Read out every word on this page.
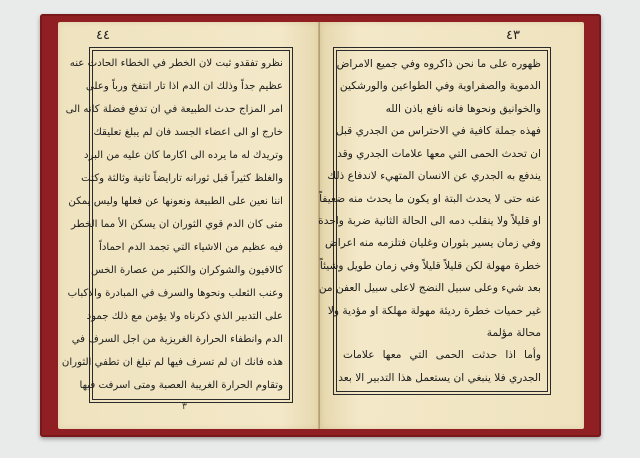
٤٤
نظرو تفقدو ثبت لان الخطر في الخطاء الحادث عنه
عظيم جداً وذلك ان الدم اذا تار انتفخ ورباً وعلى
امر المزاج حدث الطبيعة في ان تدفع فضلة كانه الى
خارج او الى اعضاء الجسد فان لم يبلغ تعليقك
وتريدك له ما يرده الى اكارما كان عليه من البرد
والغلظ كثيراً قبل ثورانه تارايضاً ثانية وثالثة وكثت
اننا نعين على الطبيعة ونعونها عن فعلها وليس يمكن
متى كان الدم قوي الثوران ان يسكن الأ مما الخطر
فيه عظيم من الاشياء التي تجمد الدم احماداً
كالافيون والشوكران والكثير من عصارة الخس
وعنب الثعلب ونحوها والسرف في المبادرة والاكباب
على التدبير الذي ذكرناه ولا يؤمن مع ذلك جمود
الدم وانطفاء الحرارة الغريزية من اجل السرف في
هذه فانك ان لم تسرف فيها لم تبلغ ان تطفي الثوران
وتقاوم الحرارة الغريبة العصبة ومتى اسرفت فيها
٣
٤٣
ظهوره على ما نحن ذاكروه وفي جميع الامراض
الدموية والصفراوية وفي الطواعين والورشكين
والخوانيق ونحوها فانه نافع باذن الله
فهذه جملة كافية في الاحتراس من الجدري قبل
ان تحدث الحمى التي معها علامات الجدري وقد
يندفع به الجدري عن الانسان المتهيء لاندفاع ذلك
عنه حتى لا يحدث البتة او يكون ما يحدث منه ضعيفاً
او قليلاً ولا ينقلب دمه الى الحالة الثانية ضربة واحدة
وفي زمان يسير بثوران وغليان فتلزمه منه اعراض
خطرة مهولة لكن قليلاً قليلاً وفي زمان طويل وشيئاً
بعد شيء وعلى سبيل النضج لاعلى سبيل العفن من
غير حميات خطرة رديئة مهولة مهلكة او مؤدية ولا
محالة مؤلمة
وأما اذا حدثت الحمى التي معها علامات
الجدري فلا ينبغي ان يستعمل هذا التدبير الا بعد
